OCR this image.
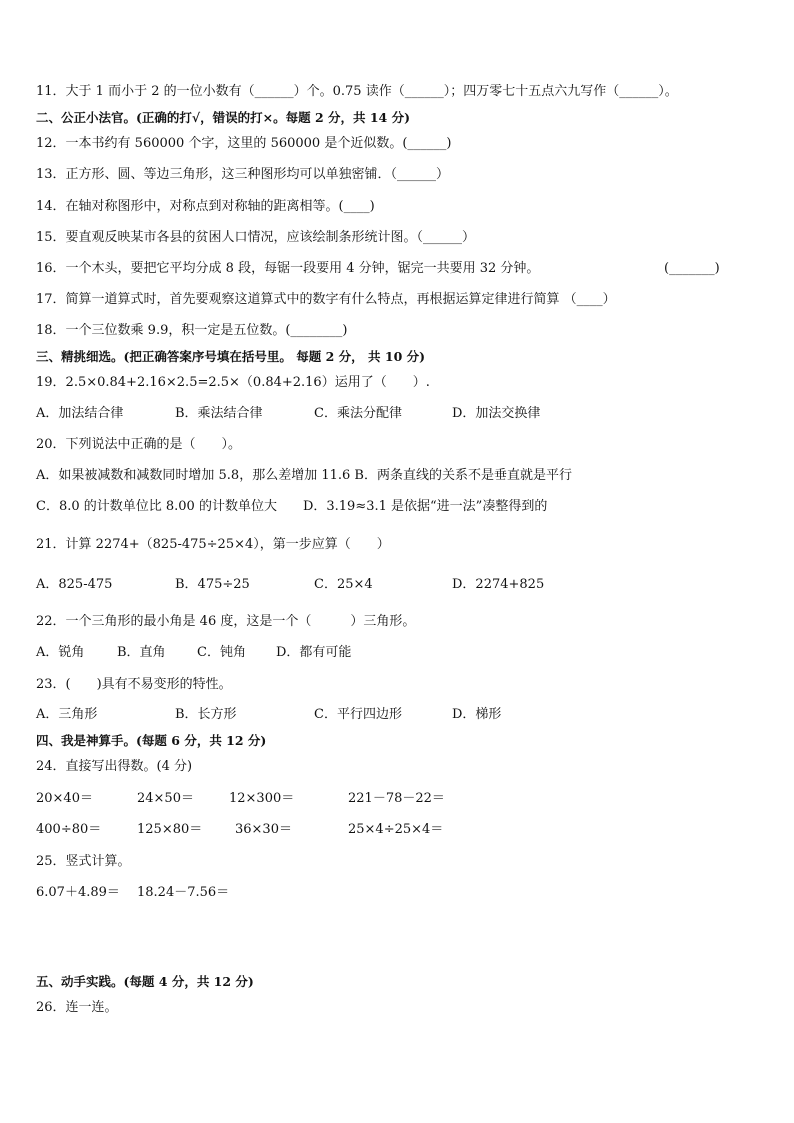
11．大于 1 而小于 2 的一位小数有（______）个。0.75 读作（______）；四万零七十五点六九写作（______）。
二、公正小法官。(正确的打√，错误的打×。每题 2 分，共 14 分)
12．一本书约有 560000 个字，这里的 560000 是个近似数。(______)
13．正方形、圆、等边三角形，这三种图形均可以单独密铺．（______）
14．在轴对称图形中，对称点到对称轴的距离相等。(____)
15．要直观反映某市各县的贫困人口情况，应该绘制条形统计图。（______）
16．一个木头，要把它平均分成 8 段，每锯一段要用 4 分钟，锯完一共要用 32 分钟。	(_______)
17．简算一道算式时，首先要观察这道算式中的数字有什么特点，再根据运算定律进行简算 （____）
18．一个三位数乘 9.9，积一定是五位数。(________)
三、精挑细选。(把正确答案序号填在括号里。 每题 2 分， 共 10 分)
19．2.5×0.84+2.16×2.5=2.5×（0.84+2.16）运用了（　　）.
A．加法结合律	B．乘法结合律	C．乘法分配律	D．加法交换律
20．下列说法中正确的是（　　）。
A．如果被减数和减数同时增加 5.8，那么差增加 11.6 B．两条直线的关系不是垂直就是平行
C．8.0 的计数单位比 8.00 的计数单位大　　D．3.19≈3.1 是依据“进一法”凑整得到的
21．计算 2274+（825-475÷25×4），第一步应算（　　）
A．825-475	B．475÷25	C．25×4	D．2274+825
22．一个三角形的最小角是 46 度，这是一个（　　　）三角形。
A．锐角	B．直角 C．钝角 D．都有可能
23．(　　)具有不易变形的特性。
A．三角形	B．长方形	C．平行四边形	D．梯形
四、我是神算手。(每题 6 分，共 12 分)
24．直接写出得数。(4 分)
20×40＝	24×50＝	12×300＝	221－78－22＝
400÷80＝	125×80＝	36×30＝	25×4÷25×4＝
25．竖式计算。
6.07＋4.89＝ 18.24－7.56＝
五、动手实践。(每题 4 分，共 12 分)
26．连一连。
